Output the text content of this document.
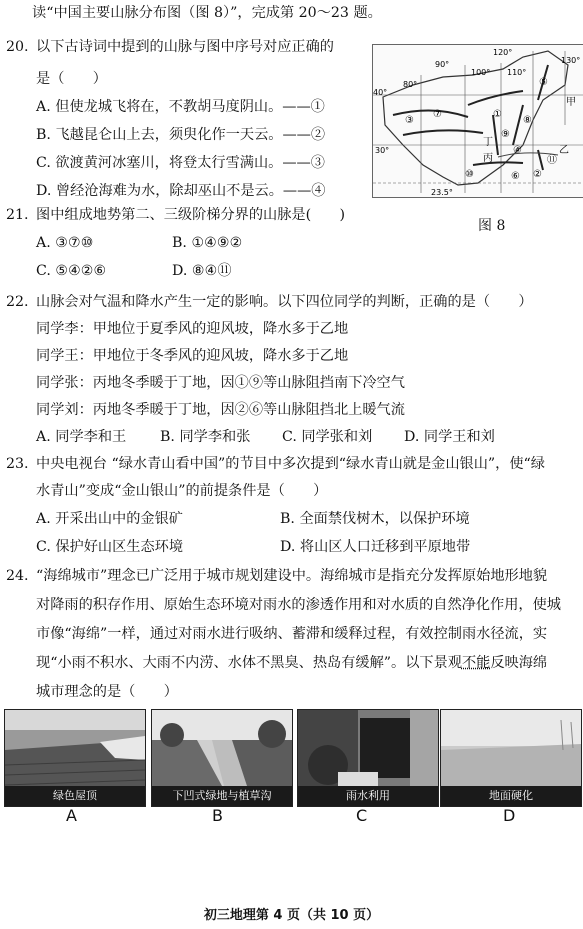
读“中国主要山脉分布图（图 8）”，完成第 20～23 题。
20. 以下古诗词中提到的山脉与图中序号对应正确的
是（　　）
A. 但使龙城飞将在，不教胡马度阴山。——①
B. 飞越昆仑山上去，须臾化作一天云。——②
C. 欲渡黄河冰塞川，将登太行雪满山。——③
D. 曾经沧海难为水，除却巫山不是云。——④
120°
130°
100° 110°
90°
80°
40°
30°
23.5°
甲
乙
丙
丁
⑤
⑧
④
⑨
⑦
③
①
⑩	⑥ ②
⑪
图 8
21. 图中组成地势第二、三级阶梯分界的山脉是(　　)
A. ③⑦⑩	B. ①④⑨②
C. ⑤④②⑥	D. ⑧④⑪
22. 山脉会对气温和降水产生一定的影响。以下四位同学的判断，正确的是（　　）
同学李：甲地位于夏季风的迎风坡，降水多于乙地
同学王：甲地位于冬季风的迎风坡，降水多于乙地
同学张：丙地冬季暖于丁地，因①⑨等山脉阻挡南下冷空气
同学刘：丙地冬季暖于丁地，因②⑥等山脉阻挡北上暖气流
A. 同学李和王 B. 同学李和张 C. 同学张和刘 D. 同学王和刘
23. 中央电视台 “绿水青山看中国”的节目中多次提到“绿水青山就是金山银山”，使“绿
水青山”变成“金山银山”的前提条件是（　　）
A. 开采出山中的金银矿	B. 全面禁伐树木，以保护环境
C. 保护好山区生态环境	D. 将山区人口迁移到平原地带
24. “海绵城市”理念已广泛用于城市规划建设中。海绵城市是指充分发挥原始地形地貌
对降雨的积存作用、原始生态环境对雨水的渗透作用和对水质的自然净化作用，使城
市像“海绵”一样，通过对雨水进行吸纳、蓄滞和缓释过程，有效控制雨水径流，实
现“小雨不积水、大雨不内涝、水体不黑臭、热岛有缓解”。以下景观不能反映海绵
城市理念的是（　　）
绿色屋顶	下凹式绿地与植草沟	雨水利用	地面硬化
A	B	C	D
初三地理第 4 页（共 10 页）
